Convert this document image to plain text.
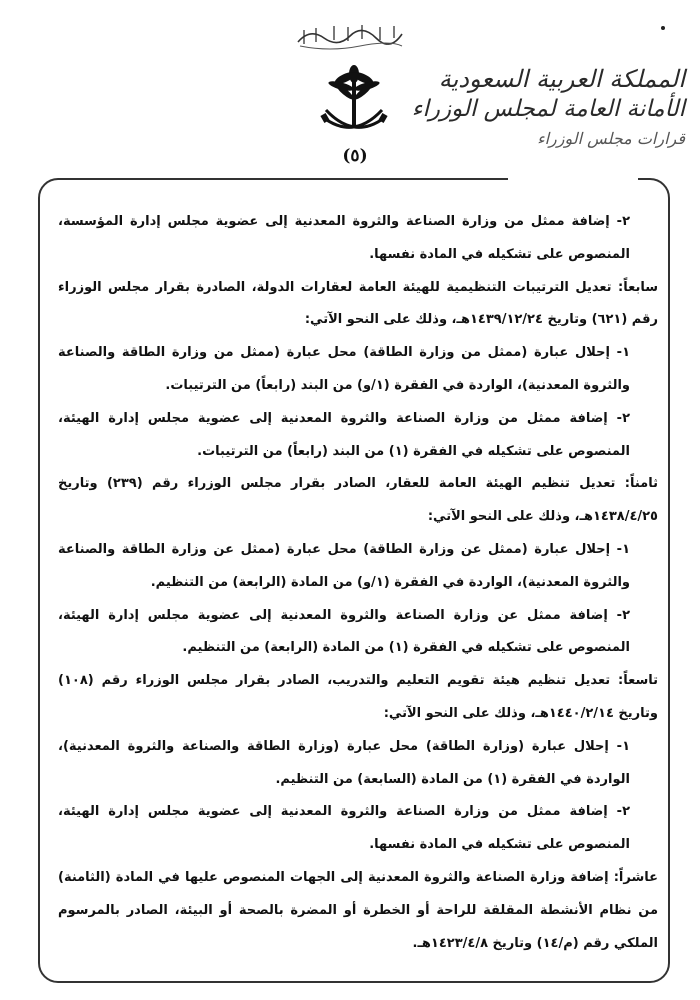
(٥)
المملكة العربية السعودية
الأمانة العامة لمجلس الوزراء
قرارات مجلس الوزراء

٢- إضافة ممثل من وزارة الصناعة والثروة المعدنية إلى عضوية مجلس إدارة المؤسسة، المنصوص على تشكيله في المادة نفسها.

سابعاً: تعديل الترتيبات التنظيمية للهيئة العامة لعقارات الدولة، الصادرة بقرار مجلس الوزراء رقم (٦٢١) وتاريخ ١٤٣٩/١٢/٢٤هـ، وذلك على النحو الآتي:

١- إحلال عبارة (ممثل من وزارة الطاقة) محل عبارة (ممثل من وزارة الطاقة والصناعة والثروة المعدنية)، الواردة في الفقرة (١/و) من البند (رابعاً) من الترتيبات.

٢- إضافة ممثل من وزارة الصناعة والثروة المعدنية إلى عضوية مجلس إدارة الهيئة، المنصوص على تشكيله في الفقرة (١) من البند (رابعاً) من الترتيبات.

ثامناً: تعديل تنظيم الهيئة العامة للعقار، الصادر بقرار مجلس الوزراء رقم (٢٣٩) وتاريخ ١٤٣٨/٤/٢٥هـ، وذلك على النحو الآتي:

١- إحلال عبارة (ممثل عن وزارة الطاقة) محل عبارة (ممثل عن وزارة الطاقة والصناعة والثروة المعدنية)، الواردة في الفقرة (١/و) من المادة (الرابعة) من التنظيم.

٢- إضافة ممثل عن وزارة الصناعة والثروة المعدنية إلى عضوية مجلس إدارة الهيئة، المنصوص على تشكيله في الفقرة (١) من المادة (الرابعة) من التنظيم.

تاسعاً: تعديل تنظيم هيئة تقويم التعليم والتدريب، الصادر بقرار مجلس الوزراء رقم (١٠٨) وتاريخ ١٤٤٠/٢/١٤هـ، وذلك على النحو الآتي:

١- إحلال عبارة (وزارة الطاقة) محل عبارة (وزارة الطاقة والصناعة والثروة المعدنية)، الواردة في الفقرة (١) من المادة (السابعة) من التنظيم.

٢- إضافة ممثل من وزارة الصناعة والثروة المعدنية إلى عضوية مجلس إدارة الهيئة، المنصوص على تشكيله في المادة نفسها.

عاشراً: إضافة وزارة الصناعة والثروة المعدنية إلى الجهات المنصوص عليها في المادة (الثامنة) من نظام الأنشطة المقلقة للراحة أو الخطرة أو المضرة بالصحة أو البيئة، الصادر بالمرسوم الملكي رقم (م/١٤) وتاريخ ١٤٢٣/٤/٨هـ.
